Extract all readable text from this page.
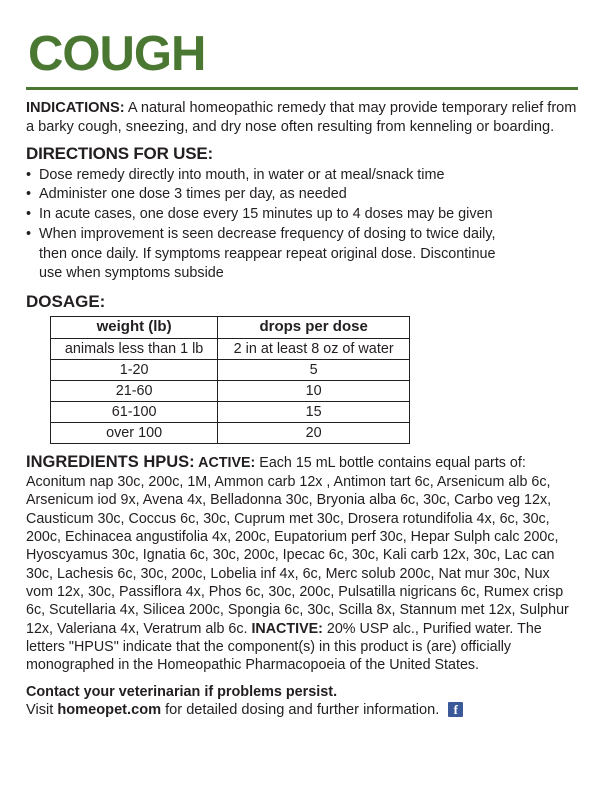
COUGH

INDICATIONS: A natural homeopathic remedy that may provide temporary relief from a barky cough, sneezing, and dry nose often resulting from kenneling or boarding.

DIRECTIONS FOR USE:
• Dose remedy directly into mouth, in water or at meal/snack time
• Administer one dose 3 times per day, as needed
• In acute cases, one dose every 15 minutes up to 4 doses may be given
• When improvement is seen decrease frequency of dosing to twice daily,
then once daily. If symptoms reappear repeat original dose. Discontinue
use when symptoms subside
DOSAGE:
weight (lb)	drops per dose
animals less than 1 lb	2 in at least 8 oz of water
1-20	5
21-60	10
61-100	15
over 100	20

INGREDIENTS HPUS: ACTIVE: Each 15 mL bottle contains equal parts of: Aconitum nap 30c, 200c, 1M, Ammon carb 12x , Antimon tart 6c, Arsenicum alb 6c, Arsenicum iod 9x, Avena 4x, Belladonna 30c, Bryonia alba 6c, 30c, Carbo veg 12x, Causticum 30c, Coccus 6c, 30c, Cuprum met 30c, Drosera rotundifolia 4x, 6c, 30c, 200c, Echinacea angustifolia 4x, 200c, Eupatorium perf 30c, Hepar Sulph calc 200c, Hyoscyamus 30c, Ignatia 6c, 30c, 200c, Ipecac 6c, 30c, Kali carb 12x, 30c, Lac can 30c, Lachesis 6c, 30c, 200c, Lobelia inf 4x, 6c, Merc solub 200c, Nat mur 30c, Nux vom 12x, 30c, Passiflora 4x, Phos 6c, 30c, 200c, Pulsatilla nigricans 6c, Rumex crisp 6c, Scutellaria 4x, Silicea 200c, Spongia 6c, 30c, Scilla 8x, Stannum met 12x, Sulphur 12x, Valeriana 4x, Veratrum alb 6c. INACTIVE: 20% USP alc., Purified water. The letters "HPUS" indicate that the component(s) in this product is (are) officially monographed in the Homeopathic Pharmacopoeia of the United States.

Contact your veterinarian if problems persist.
Visit homeopet.com for detailed dosing and further information.	f
